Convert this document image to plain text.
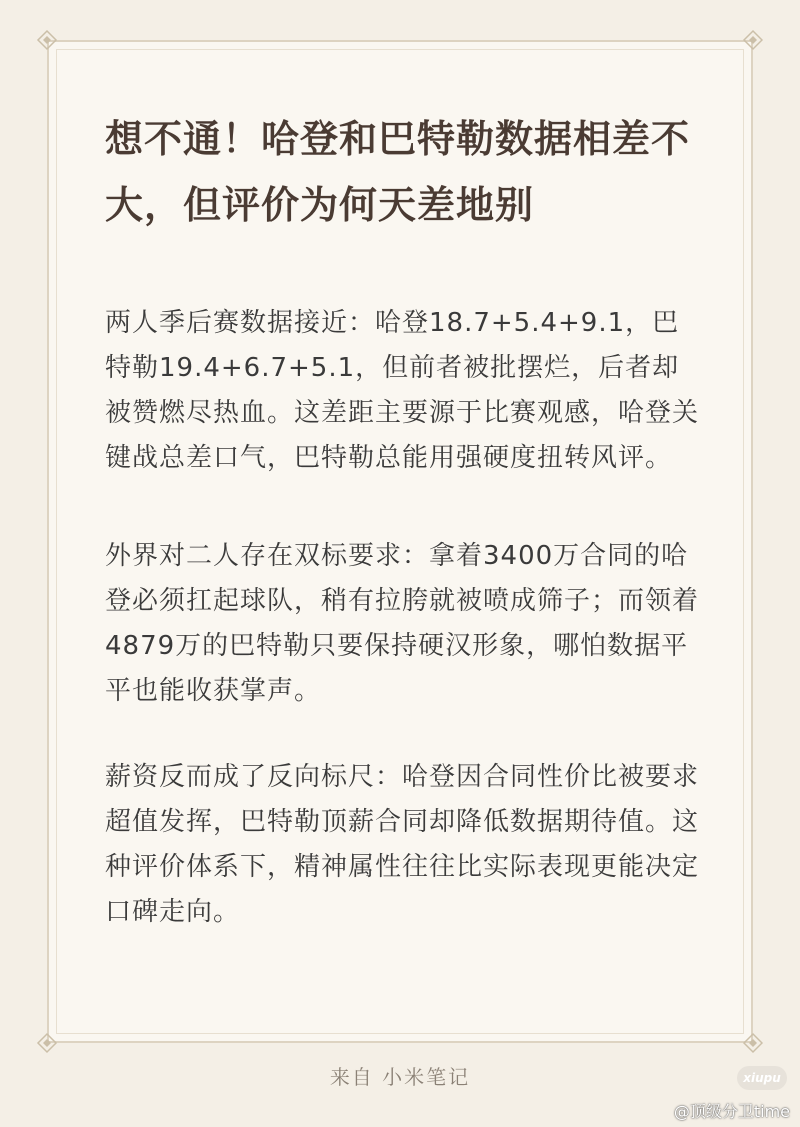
想不通！哈登和巴特勒数据相差不大，但评价为何天差地别

两人季后赛数据接近：哈登18.7+5.4+9.1，巴特勒19.4+6.7+5.1，但前者被批摆烂，后者却被赞燃尽热血。这差距主要源于比赛观感，哈登关键战总差口气，巴特勒总能用强硬度扭转风评。

外界对二人存在双标要求：拿着3400万合同的哈登必须扛起球队，稍有拉胯就被喷成筛子；而领着4879万的巴特勒只要保持硬汉形象，哪怕数据平平也能收获掌声。

薪资反而成了反向标尺：哈登因合同性价比被要求超值发挥，巴特勒顶薪合同却降低数据期待值。这种评价体系下，精神属性往往比实际表现更能决定口碑走向。

来自 小米笔记	xiupu
@顶级分卫time
